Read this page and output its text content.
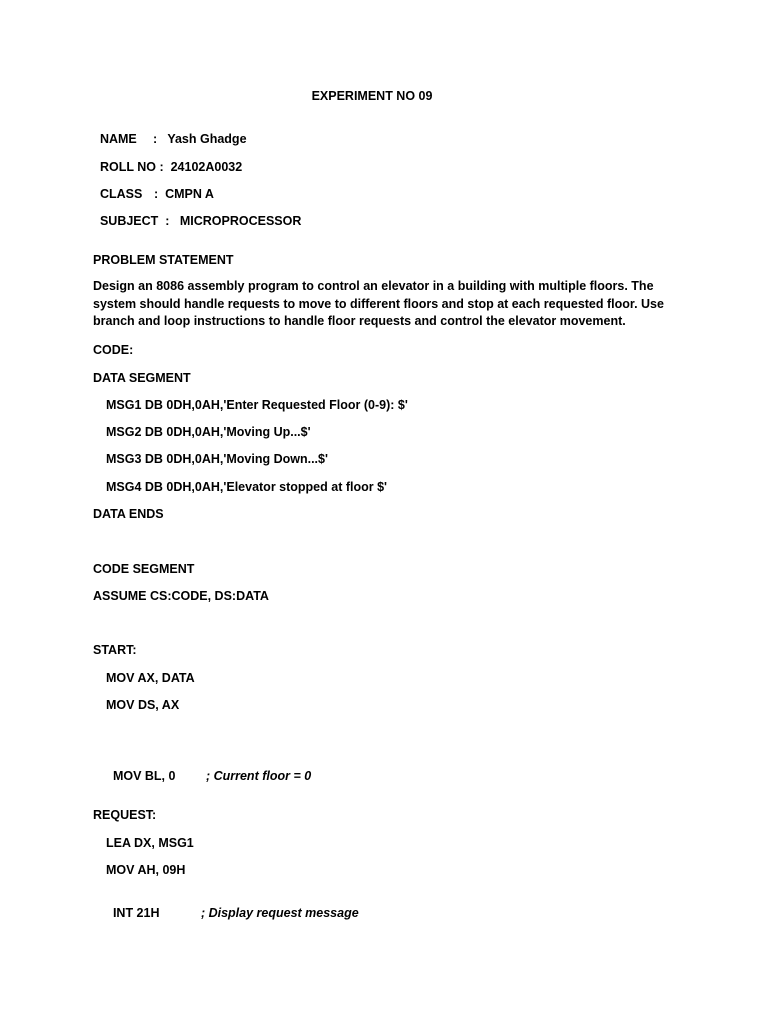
EXPERIMENT NO 09

NAME : Yash Ghadge

ROLL NO : 24102A0032

CLASS : CMPN A

SUBJECT : MICROPROCESSOR

PROBLEM STATEMENT
Design an 8086 assembly program to control an elevator in a building with multiple floors. The system should handle requests to move to different floors and stop at each requested floor. Use branch and loop instructions to handle floor requests and control the elevator movement.
CODE:
DATA SEGMENT
MSG1 DB 0DH,0AH,'Enter Requested Floor (0-9): $'
MSG2 DB 0DH,0AH,'Moving Up...$'
MSG3 DB 0DH,0AH,'Moving Down...$'
MSG4 DB 0DH,0AH,'Elevator stopped at floor $'
DATA ENDS
CODE SEGMENT
ASSUME CS:CODE, DS:DATA
START:
MOV AX, DATA
MOV DS, AX

MOV BL, 0 ; Current floor = 0

REQUEST:
LEA DX, MSG1
MOV AH, 09H

INT 21H	; Display request message
